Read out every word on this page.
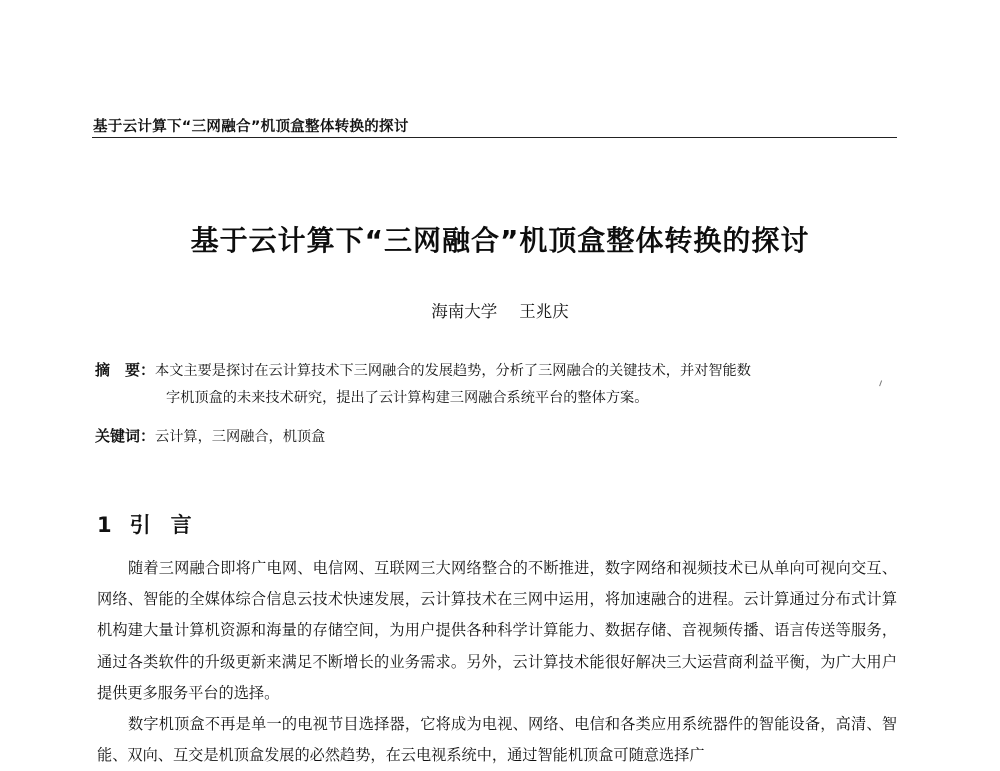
基于云计算下“三网融合”机顶盒整体转换的探讨
基于云计算下“三网融合”机顶盒整体转换的探讨
海南大学 王兆庆
摘　要：本文主要是探讨在云计算技术下三网融合的发展趋势，分析了三网融合的关键技术，并对智能数
字机顶盒的未来技术研究，提出了云计算构建三网融合系统平台的整体方案。
关键词：云计算，三网融合，机顶盒
1 引 言

随着三网融合即将广电网、电信网、互联网三大网络整合的不断推进，数字网络和视频技术已从单向可视向交互、网络、智能的全媒体综合信息云技术快速发展，云计算技术在三网中运用，将加速融合的进程。云计算通过分布式计算机构建大量计算机资源和海量的存储空间，为用户提供各种科学计算能力、数据存储、音视频传播、语言传送等服务，通过各类软件的升级更新来满足不断增长的业务需求。另外，云计算技术能很好解决三大运营商利益平衡，为广大用户提供更多服务平台的选择。

数字机顶盒不再是单一的电视节目选择器，它将成为电视、网络、电信和各类应用系统器件的智能设备，高清、智能、双向、互交是机顶盒发展的必然趋势，在云电视系统中，通过智能机顶盒可随意选择广
